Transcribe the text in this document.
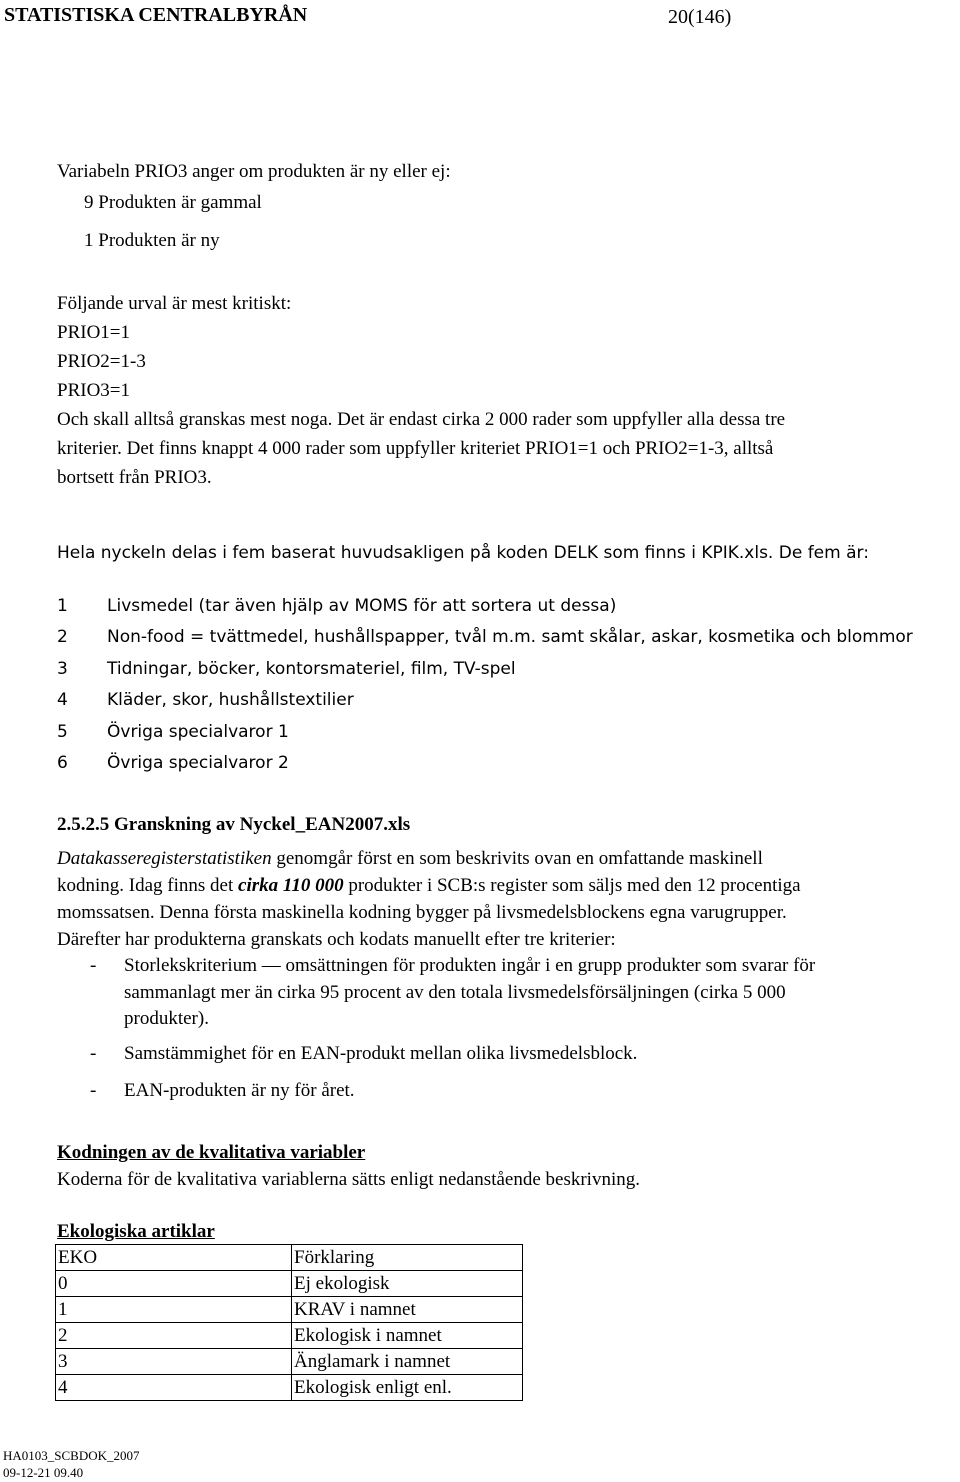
STATISTISKA CENTRALBYRÅN	20(146)
Variabeln PRIO3 anger om produkten är ny eller ej:
9 Produkten är gammal
1 Produkten är ny
Följande urval är mest kritiskt:
PRIO1=1
PRIO2=1-3
PRIO3=1
Och skall alltså granskas mest noga. Det är endast cirka 2 000 rader som uppfyller alla dessa tre
kriterier. Det finns knappt 4 000 rader som uppfyller kriteriet PRIO1=1 och PRIO2=1-3, alltså
bortsett från PRIO3.
Hela nyckeln delas i fem baserat huvudsakligen på koden DELK som finns i KPIK.xls. De fem är:
1 Livsmedel (tar även hjälp av MOMS för att sortera ut dessa)
2 Non-food = tvättmedel, hushållspapper, tvål m.m. samt skålar, askar, kosmetika och blommor
3 Tidningar, böcker, kontorsmateriel, film, TV-spel
4 Kläder, skor, hushållstextilier
5 Övriga specialvaror 1
6 Övriga specialvaror 2
2.5.2.5 Granskning av Nyckel_EAN2007.xls
Datakasseregisterstatistiken genomgår först en som beskrivits ovan en omfattande maskinell
kodning. Idag finns det cirka 110 000 produkter i SCB:s register som säljs med den 12 procentiga
momssatsen. Denna första maskinella kodning bygger på livsmedelsblockens egna varugrupper.
Därefter har produkterna granskats och kodats manuellt efter tre kriterier:
- Storlekskriterium — omsättningen för produkten ingår i en grupp produkter som svarar för
sammanlagt mer än cirka 95 procent av den totala livsmedelsförsäljningen (cirka 5 000
produkter).
- Samstämmighet för en EAN-produkt mellan olika livsmedelsblock.
- EAN-produkten är ny för året.
Kodningen av de kvalitativa variabler
Koderna för de kvalitativa variablerna sätts enligt nedanstående beskrivning.
Ekologiska artiklar
EKO	Förklaring
0	Ej ekologisk
1	KRAV i namnet
2	Ekologisk i namnet
3	Änglamark i namnet
4	Ekologisk enligt enl.
HA0103_SCBDOK_2007
09-12-21 09.40
